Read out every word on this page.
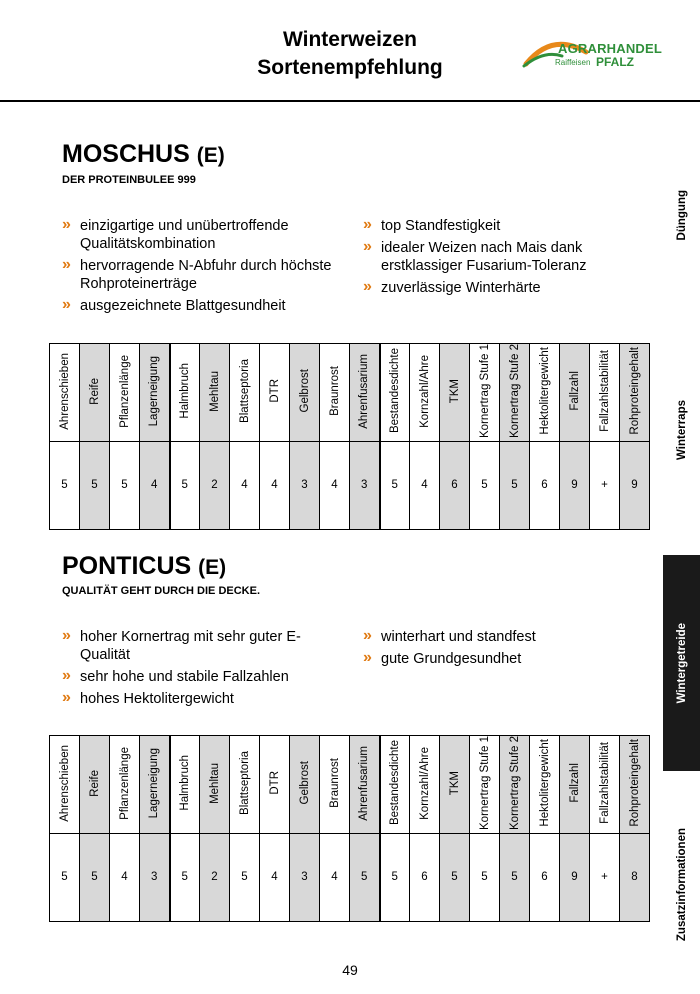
Winterweizen
Sortenempfehlung
AGRARHANDEL
Raiffeisen PFALZ
MOSCHUS (E)
DER PROTEINBULEE 999
» einzigartige und unübertroffende Qualitätskombination
» hervorragende N-Abfuhr durch höchste Rohproteinerträge
» ausgezeichnete Blattgesundheit
» top Standfestigkeit
» idealer Weizen nach Mais dank erstklassiger Fusarium-Toleranz
» zuverlässige Winterhärte
Ährenschieben	Reife	Pflanzenlänge	Lagerneigung	Halmbruch	Mehltau	Blattseptoria	DTR	Gelbrost	Braunrost	Ährenfusarium	Bestandesdichte	Kornzahl/Ähre	TKM	Kornertrag Stufe 1	Kornertrag Stufe 2	Hektolitergewicht	Fallzahl	Fallzahlstabilität	Rohproteingehalt
5	5	5	4	5	2	4	4	3	4	3	5	4	6	5	5	6	9	+	9
PONTICUS (E)
QUALITÄT GEHT DURCH DIE DECKE.
» hoher Kornertrag mit sehr guter E-Qualität
» sehr hohe und stabile Fallzahlen
» hohes Hektolitergewicht
» winterhart und standfest
» gute Grundgesundhet
Ährenschieben	Reife	Pflanzenlänge	Lagerneigung	Halmbruch	Mehltau	Blattseptoria	DTR	Gelbrost	Braunrost	Ährenfusarium	Bestandesdichte	Kornzahl/Ähre	TKM	Kornertrag Stufe 1	Kornertrag Stufe 2	Hektolitergewicht	Fallzahl	Fallzahlstabilität	Rohproteingehalt
5	5	4	3	5	2	5	4	3	4	5	5	6	5	5	5	6	9	+	8
Düngung
Winterraps
Wintergetreide
Zusatzinformationen
49
